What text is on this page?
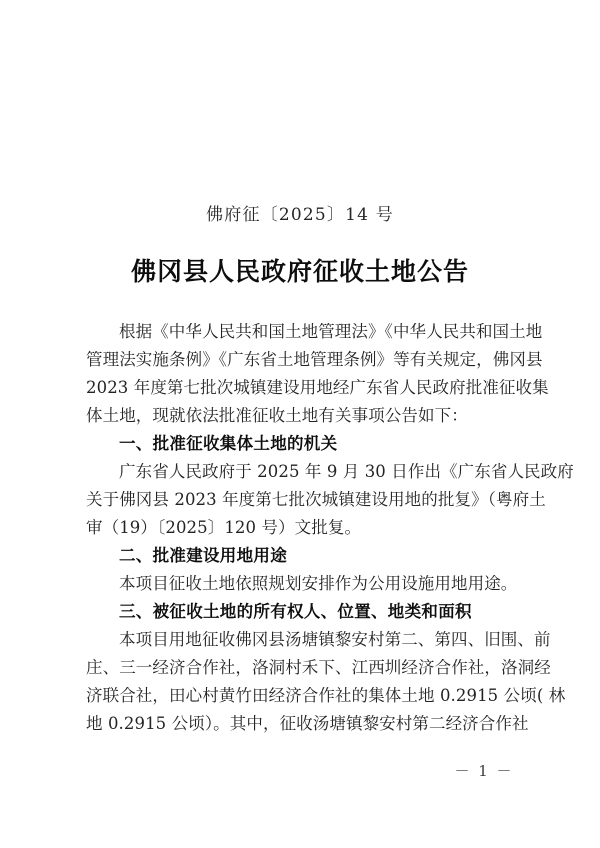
佛府征〔2025〕14 号
佛冈县人民政府征收土地公告
根据《中华人民共和国土地管理法》《中华人民共和国土地
管理法实施条例》《广东省土地管理条例》等有关规定，佛冈县
2023 年度第七批次城镇建设用地经广东省人民政府批准征收集
体土地，现就依法批准征收土地有关事项公告如下：
一、批准征收集体土地的机关
广东省人民政府于 2025 年 9 月 30 日作出《广东省人民政府
关于佛冈县 2023 年度第七批次城镇建设用地的批复》（粤府土
审（19）〔2025〕120 号）文批复。
二、批准建设用地用途
本项目征收土地依照规划安排作为公用设施用地用途。
三、被征收土地的所有权人、位置、地类和面积
本项目用地征收佛冈县汤塘镇黎安村第二、第四、旧围、前
庄、三一经济合作社，洛洞村禾下、江西圳经济合作社，洛洞经
济联合社，田心村黄竹田经济合作社的集体土地 0.2915 公顷( 林
地 0.2915 公顷）。其中，征收汤塘镇黎安村第二经济合作社
－ 1 －
